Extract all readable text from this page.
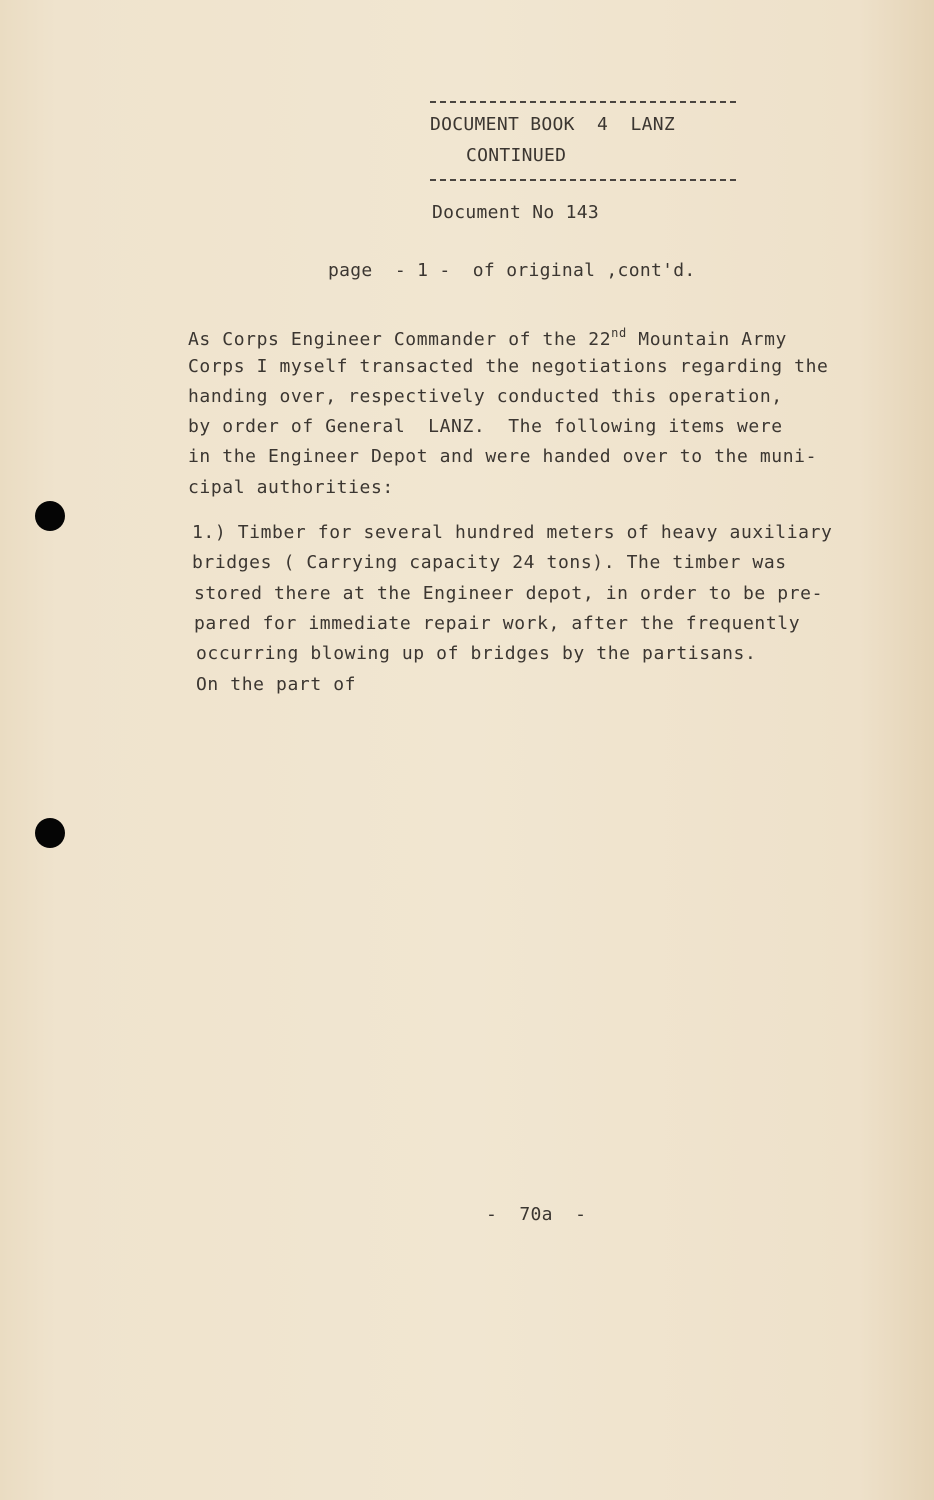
DOCUMENT BOOK  4  LANZ
CONTINUED
Document No 143
page  - 1 -  of original ,cont'd.
As Corps Engineer Commander of the 22nd Mountain Army
Corps I myself transacted the negotiations regarding the
handing over, respectively conducted this operation,
by order of General  LANZ.  The following items were
in the Engineer Depot and were handed over to the muni-
cipal authorities:
1.) Timber for several hundred meters of heavy auxiliary
bridges ( Carrying capacity 24 tons). The timber was
stored there at the Engineer depot, in order to be pre-
pared for immediate repair work, after the frequently
occurring blowing up of bridges by the partisans.
On the part of
-  70a  -
